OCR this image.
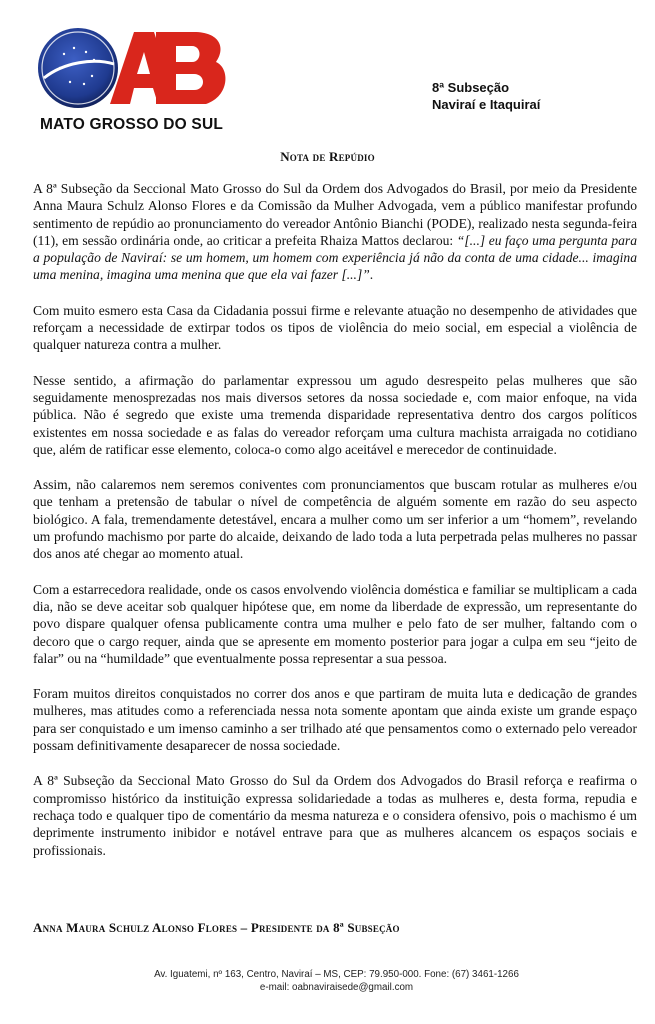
MATO GROSSO DO SUL
8ª Subseção
Naviraí e Itaquiraí
Nota de Repúdio

A 8ª Subseção da Seccional Mato Grosso do Sul da Ordem dos Advogados do Brasil, por meio da Presidente Anna Maura Schulz Alonso Flores e da Comissão da Mulher Advogada, vem a público manifestar profundo sentimento de repúdio ao pronunciamento do vereador Antônio Bianchi (PODE), realizado nesta segunda-feira (11), em sessão ordinária onde, ao criticar a prefeita Rhaiza Mattos declarou: “[...] eu faço uma pergunta para a população de Naviraí: se um homem, um homem com experiência já não da conta de uma cidade... imagina uma menina, imagina uma menina que que ela vai fazer [...]”.

Com muito esmero esta Casa da Cidadania possui firme e relevante atuação no desempenho de atividades que reforçam a necessidade de extirpar todos os tipos de violência do meio social, em especial a violência de qualquer natureza contra a mulher.

Nesse sentido, a afirmação do parlamentar expressou um agudo desrespeito pelas mulheres que são seguidamente menosprezadas nos mais diversos setores da nossa sociedade e, com maior enfoque, na vida pública. Não é segredo que existe uma tremenda disparidade representativa dentro dos cargos políticos existentes em nossa sociedade e as falas do vereador reforçam uma cultura machista arraigada no cotidiano que, além de ratificar esse elemento, coloca-o como algo aceitável e merecedor de continuidade.

Assim, não calaremos nem seremos coniventes com pronunciamentos que buscam rotular as mulheres e/ou que tenham a pretensão de tabular o nível de competência de alguém somente em razão do seu aspecto biológico. A fala, tremendamente detestável, encara a mulher como um ser inferior a um “homem”, revelando um profundo machismo por parte do alcaide, deixando de lado toda a luta perpetrada pelas mulheres no passar dos anos até chegar ao momento atual.

Com a estarrecedora realidade, onde os casos envolvendo violência doméstica e familiar se multiplicam a cada dia, não se deve aceitar sob qualquer hipótese que, em nome da liberdade de expressão, um representante do povo dispare qualquer ofensa publicamente contra uma mulher e pelo fato de ser mulher, faltando com o decoro que o cargo requer, ainda que se apresente em momento posterior para jogar a culpa em seu “jeito de falar” ou na “humildade” que eventualmente possa representar a sua pessoa.

Foram muitos direitos conquistados no correr dos anos e que partiram de muita luta e dedicação de grandes mulheres, mas atitudes como a referenciada nessa nota somente apontam que ainda existe um grande espaço para ser conquistado e um imenso caminho a ser trilhado até que pensamentos como o externado pelo vereador possam definitivamente desaparecer de nossa sociedade.

A 8ª Subseção da Seccional Mato Grosso do Sul da Ordem dos Advogados do Brasil reforça e reafirma o compromisso histórico da instituição expressa solidariedade a todas as mulheres e, desta forma, repudia e rechaça todo e qualquer tipo de comentário da mesma natureza e o considera ofensivo, pois o machismo é um deprimente instrumento inibidor e notável entrave para que as mulheres alcancem os espaços sociais e profissionais.

Anna Maura Schulz Alonso Flores – Presidente da 8ª Subseção
Av. Iguatemi, nº 163, Centro, Naviraí – MS, CEP: 79.950-000. Fone: (67) 3461-1266
e-mail: oabnaviraisede@gmail.com
